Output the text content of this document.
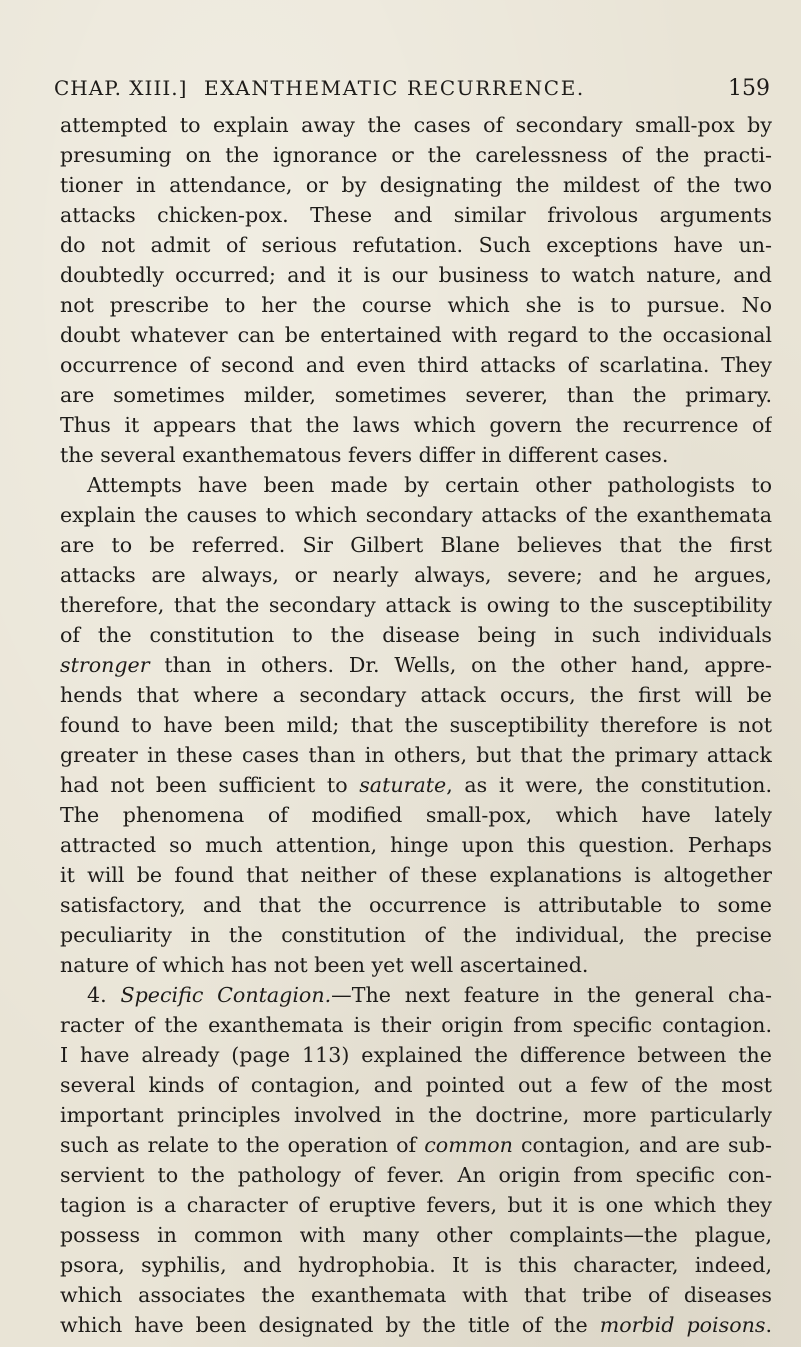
CHAP. XIII.] EXANTHEMATIC RECURRENCE.	159
attempted to explain away the cases of secondary small-pox by
presuming on the ignorance or the carelessness of the practi-
tioner in attendance, or by designating the mildest of the two
attacks chicken-pox. These and similar frivolous arguments
do not admit of serious refutation. Such exceptions have un-
doubtedly occurred; and it is our business to watch nature, and
not prescribe to her the course which she is to pursue. No
doubt whatever can be entertained with regard to the occasional
occurrence of second and even third attacks of scarlatina. They
are sometimes milder, sometimes severer, than the primary.
Thus it appears that the laws which govern the recurrence of
the several exanthematous fevers differ in different cases.
Attempts have been made by certain other pathologists to
explain the causes to which secondary attacks of the exanthemata
are to be referred. Sir Gilbert Blane believes that the first
attacks are always, or nearly always, severe; and he argues,
therefore, that the secondary attack is owing to the susceptibility
of the constitution to the disease being in such individuals
stronger than in others. Dr. Wells, on the other hand, appre-
hends that where a secondary attack occurs, the first will be
found to have been mild; that the susceptibility therefore is not
greater in these cases than in others, but that the primary attack
had not been sufficient to saturate, as it were, the constitution.
The phenomena of modified small-pox, which have lately
attracted so much attention, hinge upon this question. Perhaps
it will be found that neither of these explanations is altogether
satisfactory, and that the occurrence is attributable to some
peculiarity in the constitution of the individual, the precise
nature of which has not been yet well ascertained.
4. Specific Contagion.—The next feature in the general cha-
racter of the exanthemata is their origin from specific contagion.
I have already (page 113) explained the difference between the
several kinds of contagion, and pointed out a few of the most
important principles involved in the doctrine, more particularly
such as relate to the operation of common contagion, and are sub-
servient to the pathology of fever. An origin from specific con-
tagion is a character of eruptive fevers, but it is one which they
possess in common with many other complaints—the plague,
psora, syphilis, and hydrophobia. It is this character, indeed,
which associates the exanthemata with that tribe of diseases
which have been designated by the title of the morbid poisons.
